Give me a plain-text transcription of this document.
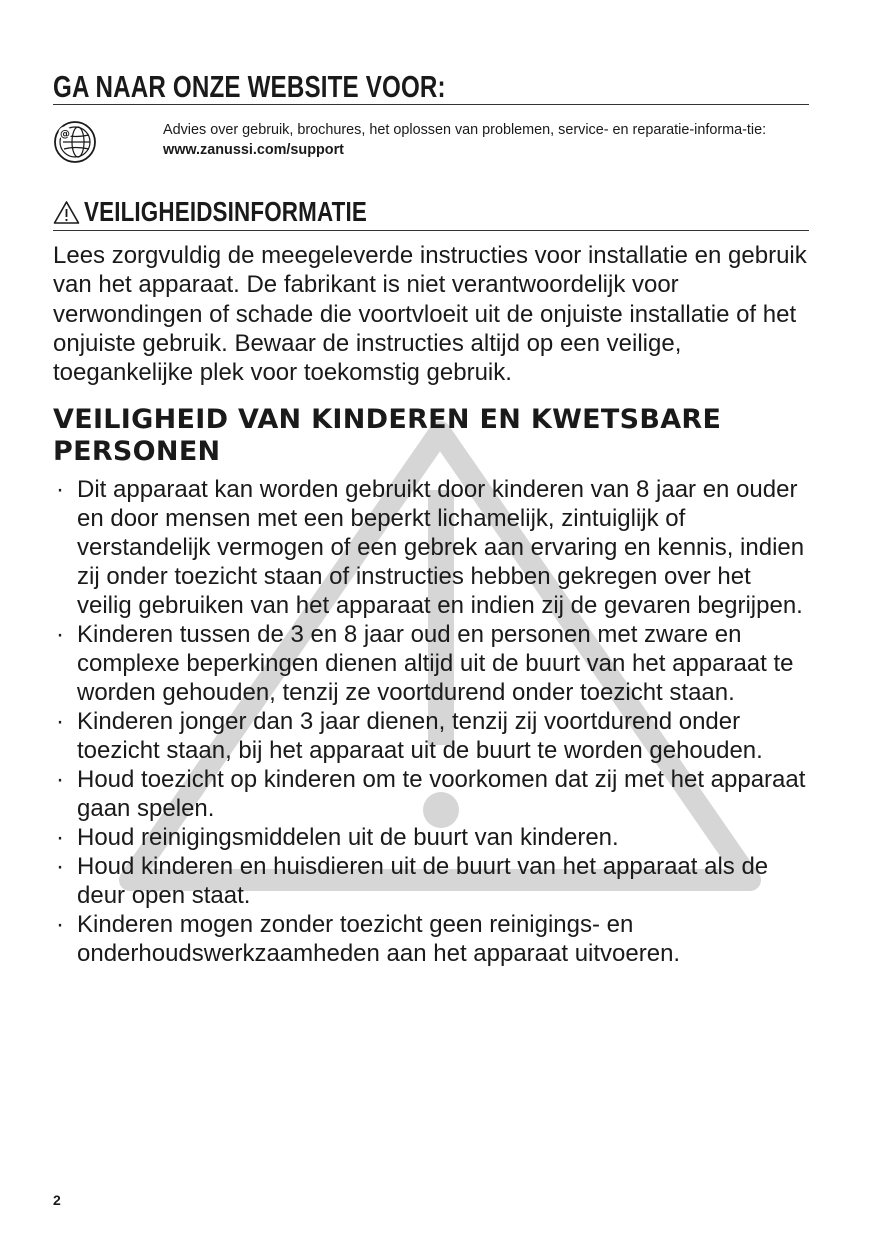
GA NAAR ONZE WEBSITE VOOR:
@	Advies over gebruik, brochures, het oplossen van problemen, service- en reparatie-informa-tie:
www.zanussi.com/support
VEILIGHEIDSINFORMATIE

Lees zorgvuldig de meegeleverde instructies voor installatie en gebruik van het apparaat. De fabrikant is niet verantwoordelijk voor verwondingen of schade die voortvloeit uit de onjuiste installatie of het onjuiste gebruik. Bewaar de instructies altijd op een veilige, toegankelijke plek voor toekomstig gebruik.

VEILIGHEID VAN KINDEREN EN KWETSBARE PERSONEN
· Dit apparaat kan worden gebruikt door kinderen van 8 jaar en ouder en door mensen met een beperkt lichamelijk, zintuiglijk of verstandelijk vermogen of een gebrek aan ervaring en kennis, indien zij onder toezicht staan of instructies hebben gekregen over het veilig gebruiken van het apparaat en indien zij de gevaren begrijpen.
· Kinderen tussen de 3 en 8 jaar oud en personen met zware en complexe beperkingen dienen altijd uit de buurt van het apparaat te worden gehouden, tenzij ze voortdurend onder toezicht staan.
· Kinderen jonger dan 3 jaar dienen, tenzij zij voortdurend onder toezicht staan, bij het apparaat uit de buurt te worden gehouden.
· Houd toezicht op kinderen om te voorkomen dat zij met het apparaat gaan spelen.
· Houd reinigingsmiddelen uit de buurt van kinderen.
· Houd kinderen en huisdieren uit de buurt van het apparaat als de deur open staat.
· Kinderen mogen zonder toezicht geen reinigings- en onderhoudswerkzaamheden aan het apparaat uitvoeren.
2
